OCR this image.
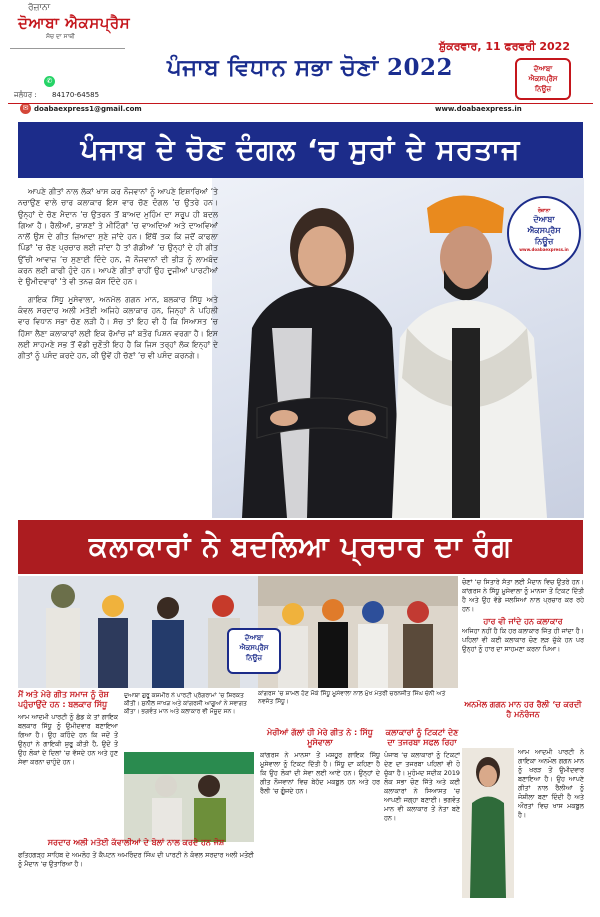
ਰੋਜ਼ਾਨਾ
ਦੋਆਬਾ ਐਕਸਪ੍ਰੈਸ
ਸੱਚ ਦਾ ਸਾਥੀ
✆
ਜਲੰਧਰ : 84170-64585
✉ doabaexpress1@gmail.com	www.doabaexpress.in
ਪੰਜਾਬ ਵਿਧਾਨ ਸਭਾ ਚੋਣਾਂ 2022
ਸ਼ੁੱਕਰਵਾਰ, 11 ਫਰਵਰੀ 2022
ਦੋਆਬਾ
ਐਕਸਪ੍ਰੈਸ
ਨਿਊਜ਼
ਪੰਜਾਬ ਦੇ ਚੋਣ ਦੰਗਲ ‘ਚ ਸੁਰਾਂ ਦੇ ਸਰਤਾਜ
ਰੋਜ਼ਾਨਾ
ਦੋਆਬਾ
ਐਕਸਪ੍ਰੈਸ
ਨਿਊਜ਼
www.doabaexpress.in

ਆਪਣੇ ਗੀਤਾਂ ਨਾਲ ਲੋਕਾਂ ਖਾਸ ਕਰ ਨੌਜਵਾਨਾਂ ਨੂੰ ਆਪਣੇ ਇਸ਼ਾਰਿਆਂ ‘ਤੇ ਨਚਾਉਣ ਵਾਲੇ ਚਾਰ ਕਲਾਕਾਰ ਇਸ ਵਾਰ ਚੋਣ ਦੰਗਲ ‘ਚ ਉਤਰੇ ਹਨ। ਉਨ੍ਹਾਂ ਦੇ ਚੋਣ ਮੈਦਾਨ ‘ਚ ਉਤਰਨ ਤੋਂ ਬਾਅਦ ਮੁਹਿੰਮ ਦਾ ਸਰੂਪ ਹੀ ਬਦਲ ਗਿਆ ਹੈ। ਰੈਲੀਆਂ, ਭਾਸ਼ਣਾਂ ਤੇ ਮੀਟਿੰਗਾਂ ‘ਚ ਵਾਅਦਿਆਂ ਅਤੇ ਦਾਅਵਿਆਂ ਨਾਲੋਂ ਉਸ ਦੇ ਗੀਤ ਜ਼ਿਆਦਾ ਸੁਣੇ ਜਾਂਦੇ ਹਨ। ਇੱਥੋਂ ਤਕ ਕਿ ਜਦੋਂ ਕਾਫਲਾ ਪਿੰਡਾਂ ‘ਚ ਚੋਣ ਪ੍ਰਚਾਰ ਲਈ ਜਾਂਦਾ ਹੈ ਤਾਂ ਗੱਡੀਆਂ ‘ਚ ਉਨ੍ਹਾਂ ਦੇ ਹੀ ਗੀਤ ਉੱਚੀ ਆਵਾਜ਼ ‘ਚ ਸੁਣਾਈ ਦਿੰਦੇ ਹਨ, ਜੋ ਨੌਜਵਾਨਾਂ ਦੀ ਭੀੜ ਨੂੰ ਲਾਮਬੰਦ ਕਰਨ ਲਈ ਕਾਫੀ ਹੁੰਦੇ ਹਨ। ਆਪਣੇ ਗੀਤਾਂ ਰਾਹੀਂ ਉਹ ਦੂਜੀਆਂ ਪਾਰਟੀਆਂ ਦੇ ਉਮੀਦਵਾਰਾਂ ‘ਤੇ ਵੀ ਤਨਜ਼ ਕੱਸ ਦਿੰਦੇ ਹਨ।

ਗਾਇਕ ਸਿੱਧੂ ਮੂਸੇਵਾਲਾ, ਅਨਮੋਲ ਗਗਨ ਮਾਨ, ਬਲਕਾਰ ਸਿੱਧੂ ਅਤੇ ਕੰਵਲ ਸਰਦਾਰ ਅਲੀ ਮਤੋਈ ਅਜਿਹੇ ਕਲਾਕਾਰ ਹਨ, ਜਿਨ੍ਹਾਂ ਨੇ ਪਹਿਲੀ ਵਾਰ ਵਿਧਾਨ ਸਭਾ ਚੋਣ ਲੜੀ ਹੈ। ਸੱਚ ਤਾਂ ਇਹ ਵੀ ਹੈ ਕਿ ਸਿਆਸਤ ‘ਚ ਹਿੱਸਾ ਲੈਣਾ ਕਲਾਕਾਰਾਂ ਲਈ ਇਕ ਰੋਮਾਂਚ ਜਾਂ ਬਤੌਰ ਪਿਸ਼ਨ ਵਰਗਾ ਹੈ। ਇਸ ਲਈ ਸਾਹਮਣੇ ਸਭ ਤੋਂ ਵੱਡੀ ਚੁਣੌਤੀ ਇਹ ਹੈ ਕਿ ਜਿਸ ਤਰ੍ਹਾਂ ਲੋਕ ਇਨ੍ਹਾਂ ਦੇ ਗੀਤਾਂ ਨੂੰ ਪਸੰਦ ਕਰਦੇ ਹਨ, ਕੀ ਉਵੇਂ ਹੀ ਚੋਣਾਂ ‘ਚ ਵੀ ਪਸੰਦ ਕਰਨਗੇ।

ਕਲਾਕਾਰਾਂ ਨੇ ਬਦਲਿਆ ਪ੍ਰਚਾਰ ਦਾ ਰੰਗ
ਦੋਆਬਾ
ਐਕਸਪ੍ਰੈਸ
ਨਿਊਜ਼
ਮੈਂ ਅਤੇ ਮੇਰੇ ਗੀਤ ਸਮਾਜ ਨੂੰ ਰੋਸ਼ ਪਹੁੰਚਾਉਂਦੇ ਹਨ : ਬਲਕਾਰ ਸਿੱਧੂ

ਆਮ ਆਦਮੀ ਪਾਰਟੀ ਨੂੰ ਛੱਡ ਕੇ ਤਾਂ ਗਾਇਕ ਬਲਕਾਰ ਸਿੱਧੂ ਨੂੰ ਉਮੀਦਵਾਰ ਬਣਾਇਆ ਗਿਆ ਹੈ। ਉਹ ਕਹਿੰਦੇ ਹਨ ਕਿ ਜਦੋਂ ਤੋਂ ਉਨ੍ਹਾਂ ਨੇ ਗਾਇਕੀ ਸ਼ੁਰੂ ਕੀਤੀ ਹੈ, ਉਦੋਂ ਤੋਂ ਉਹ ਲੋਕਾਂ ਦੇ ਦਿਲਾਂ ‘ਚ ਵੱਸਦੇ ਹਨ ਅਤੇ ਹੁਣ ਸੇਵਾ ਕਰਨਾ ਚਾਹੁੰਦੇ ਹਨ।

ਦੁਆਬਾ ਗੁਰੂ ਕਸ਼ਮੀਰ ਨੇ ਪਾਰਟੀ ਪ੍ਰੋਗਰਾਮਾਂ ‘ਚ ਸ਼ਿਰਕਤ ਕੀਤੀ। ਸੁਨੀਲ ਜਾਖੜ ਅਤੇ ਕਾਂਗਰਸੀ ਆਗੂਆਂ ਨੇ ਸਵਾਗਤ ਕੀਤਾ। ਭਗਵੰਤ ਮਾਨ ਅਤੇ ਕਲਾਕਾਰ ਵੀ ਮੌਜੂਦ ਸਨ।

ਸਰਦਾਰ ਅਲੀ ਮਤੋਈ ਕੱਵਾਲੀਆਂ ਦੇ ਬੋਲਾਂ ਨਾਲ ਕਰਦੇ ਹਨ ਜੋਸ਼

ਫਤਿਹਗੜ੍ਹ ਸਾਹਿਬ ਦੇ ਅਮਲੋਹ ਤੋਂ ਕੈਪਟਨ ਅਮਰਿੰਦਰ ਸਿੰਘ ਦੀ ਪਾਰਟੀ ਨੇ ਕੰਵਲ ਸਰਦਾਰ ਅਲੀ ਮਤੋਈ ਨੂੰ ਮੈਦਾਨ ‘ਚ ਉਤਾਰਿਆ ਹੈ।

ਕਾਂਗਰਸ ‘ਚ ਸ਼ਾਮਲ ਹੋਣ ਮੌਕੇ ਸਿੱਧੂ ਮੂਸੇਵਾਲਾ ਨਾਲ ਮੁੱਖ ਮੰਤਰੀ ਚਰਨਜੀਤ ਸਿੰਘ ਚੰਨੀ ਅਤੇ ਨਵਜੋਤ ਸਿੱਧੂ।

ਮੇਰੀਆਂ ਗੱਲਾਂ ਹੀ ਮੇਰੇ ਗੀਤ ਨੇ : ਸਿੱਧੂ ਮੂਸੇਵਾਲਾ

ਕਾਂਗਰਸ ਨੇ ਮਾਨਸਾ ਤੋਂ ਮਸ਼ਹੂਰ ਗਾਇਕ ਸਿੱਧੂ ਮੂਸੇਵਾਲਾ ਨੂੰ ਟਿਕਟ ਦਿੱਤੀ ਹੈ। ਸਿੱਧੂ ਦਾ ਕਹਿਣਾ ਹੈ ਕਿ ਉਹ ਲੋਕਾਂ ਦੀ ਸੇਵਾ ਲਈ ਆਏ ਹਨ। ਉਨ੍ਹਾਂ ਦੇ ਗੀਤ ਨੌਜਵਾਨਾਂ ਵਿਚ ਬੇਹੱਦ ਮਕਬੂਲ ਹਨ ਅਤੇ ਹਰ ਰੈਲੀ ‘ਚ ਗੂੰਜਦੇ ਹਨ।

ਕਲਾਕਾਰਾਂ ਨੂੰ ਟਿਕਟਾਂ ਦੇਣ ਦਾ ਤਜਰਬਾ ਸਫਲ ਰਿਹਾ

ਪੰਜਾਬ ‘ਚ ਕਲਾਕਾਰਾਂ ਨੂੰ ਟਿਕਟਾਂ ਦੇਣ ਦਾ ਤਜਰਬਾ ਪਹਿਲਾਂ ਵੀ ਹੋ ਚੁੱਕਾ ਹੈ। ਮੁਹੰਮਦ ਸਦੀਕ 2019 ਲੋਕ ਸਭਾ ਚੋਣ ਜਿੱਤੇ ਅਤੇ ਕਈ ਕਲਾਕਾਰਾਂ ਨੇ ਸਿਆਸਤ ‘ਚ ਆਪਣੀ ਜਗ੍ਹਾ ਬਣਾਈ। ਭਗਵੰਤ ਮਾਨ ਵੀ ਕਲਾਕਾਰ ਤੋਂ ਨੇਤਾ ਬਣੇ ਹਨ।

ਚੋਣਾਂ ‘ਚ ਸਿਤਾਰੇ ਸੱਤਾ ਲਈ ਮੈਦਾਨ ਵਿਚ ਉਤਰੇ ਹਨ। ਕਾਂਗਰਸ ਨੇ ਸਿੱਧੂ ਮੂਸੇਵਾਲਾ ਨੂੰ ਮਾਨਸਾ ਤੋਂ ਟਿਕਟ ਦਿੱਤੀ ਹੈ ਅਤੇ ਉਹ ਵੱਡੇ ਜਲਸਿਆਂ ਨਾਲ ਪ੍ਰਚਾਰ ਕਰ ਰਹੇ ਹਨ।

ਹਾਰ ਵੀ ਜਾਂਦੇ ਹਨ ਕਲਾਕਾਰ

ਅਜਿਹਾ ਨਹੀਂ ਹੈ ਕਿ ਹਰ ਕਲਾਕਾਰ ਜਿੱਤ ਹੀ ਜਾਂਦਾ ਹੈ। ਪਹਿਲਾਂ ਵੀ ਕਈ ਕਲਾਕਾਰ ਚੋਣ ਲੜ ਚੁੱਕੇ ਹਨ ਪਰ ਉਨ੍ਹਾਂ ਨੂੰ ਹਾਰ ਦਾ ਸਾਹਮਣਾ ਕਰਨਾ ਪਿਆ।

ਅਨਮੋਲ ਗਗਨ ਮਾਨ ਹਰ ਰੈਲੀ ‘ਚ ਕਰਦੀ ਹੈ ਮਨੋਰੰਜਨ

ਆਮ ਆਦਮੀ ਪਾਰਟੀ ਨੇ ਗਾਇਕਾ ਅਨਮੋਲ ਗਗਨ ਮਾਨ ਨੂੰ ਖਰੜ ਤੋਂ ਉਮੀਦਵਾਰ ਬਣਾਇਆ ਹੈ। ਉਹ ਆਪਣੇ ਗੀਤਾਂ ਨਾਲ ਰੈਲੀਆਂ ਨੂੰ ਜੋਸ਼ੀਲਾ ਬਣਾ ਦਿੰਦੀ ਹੈ ਅਤੇ ਔਰਤਾਂ ਵਿਚ ਖਾਸ ਮਕਬੂਲ ਹੈ।
